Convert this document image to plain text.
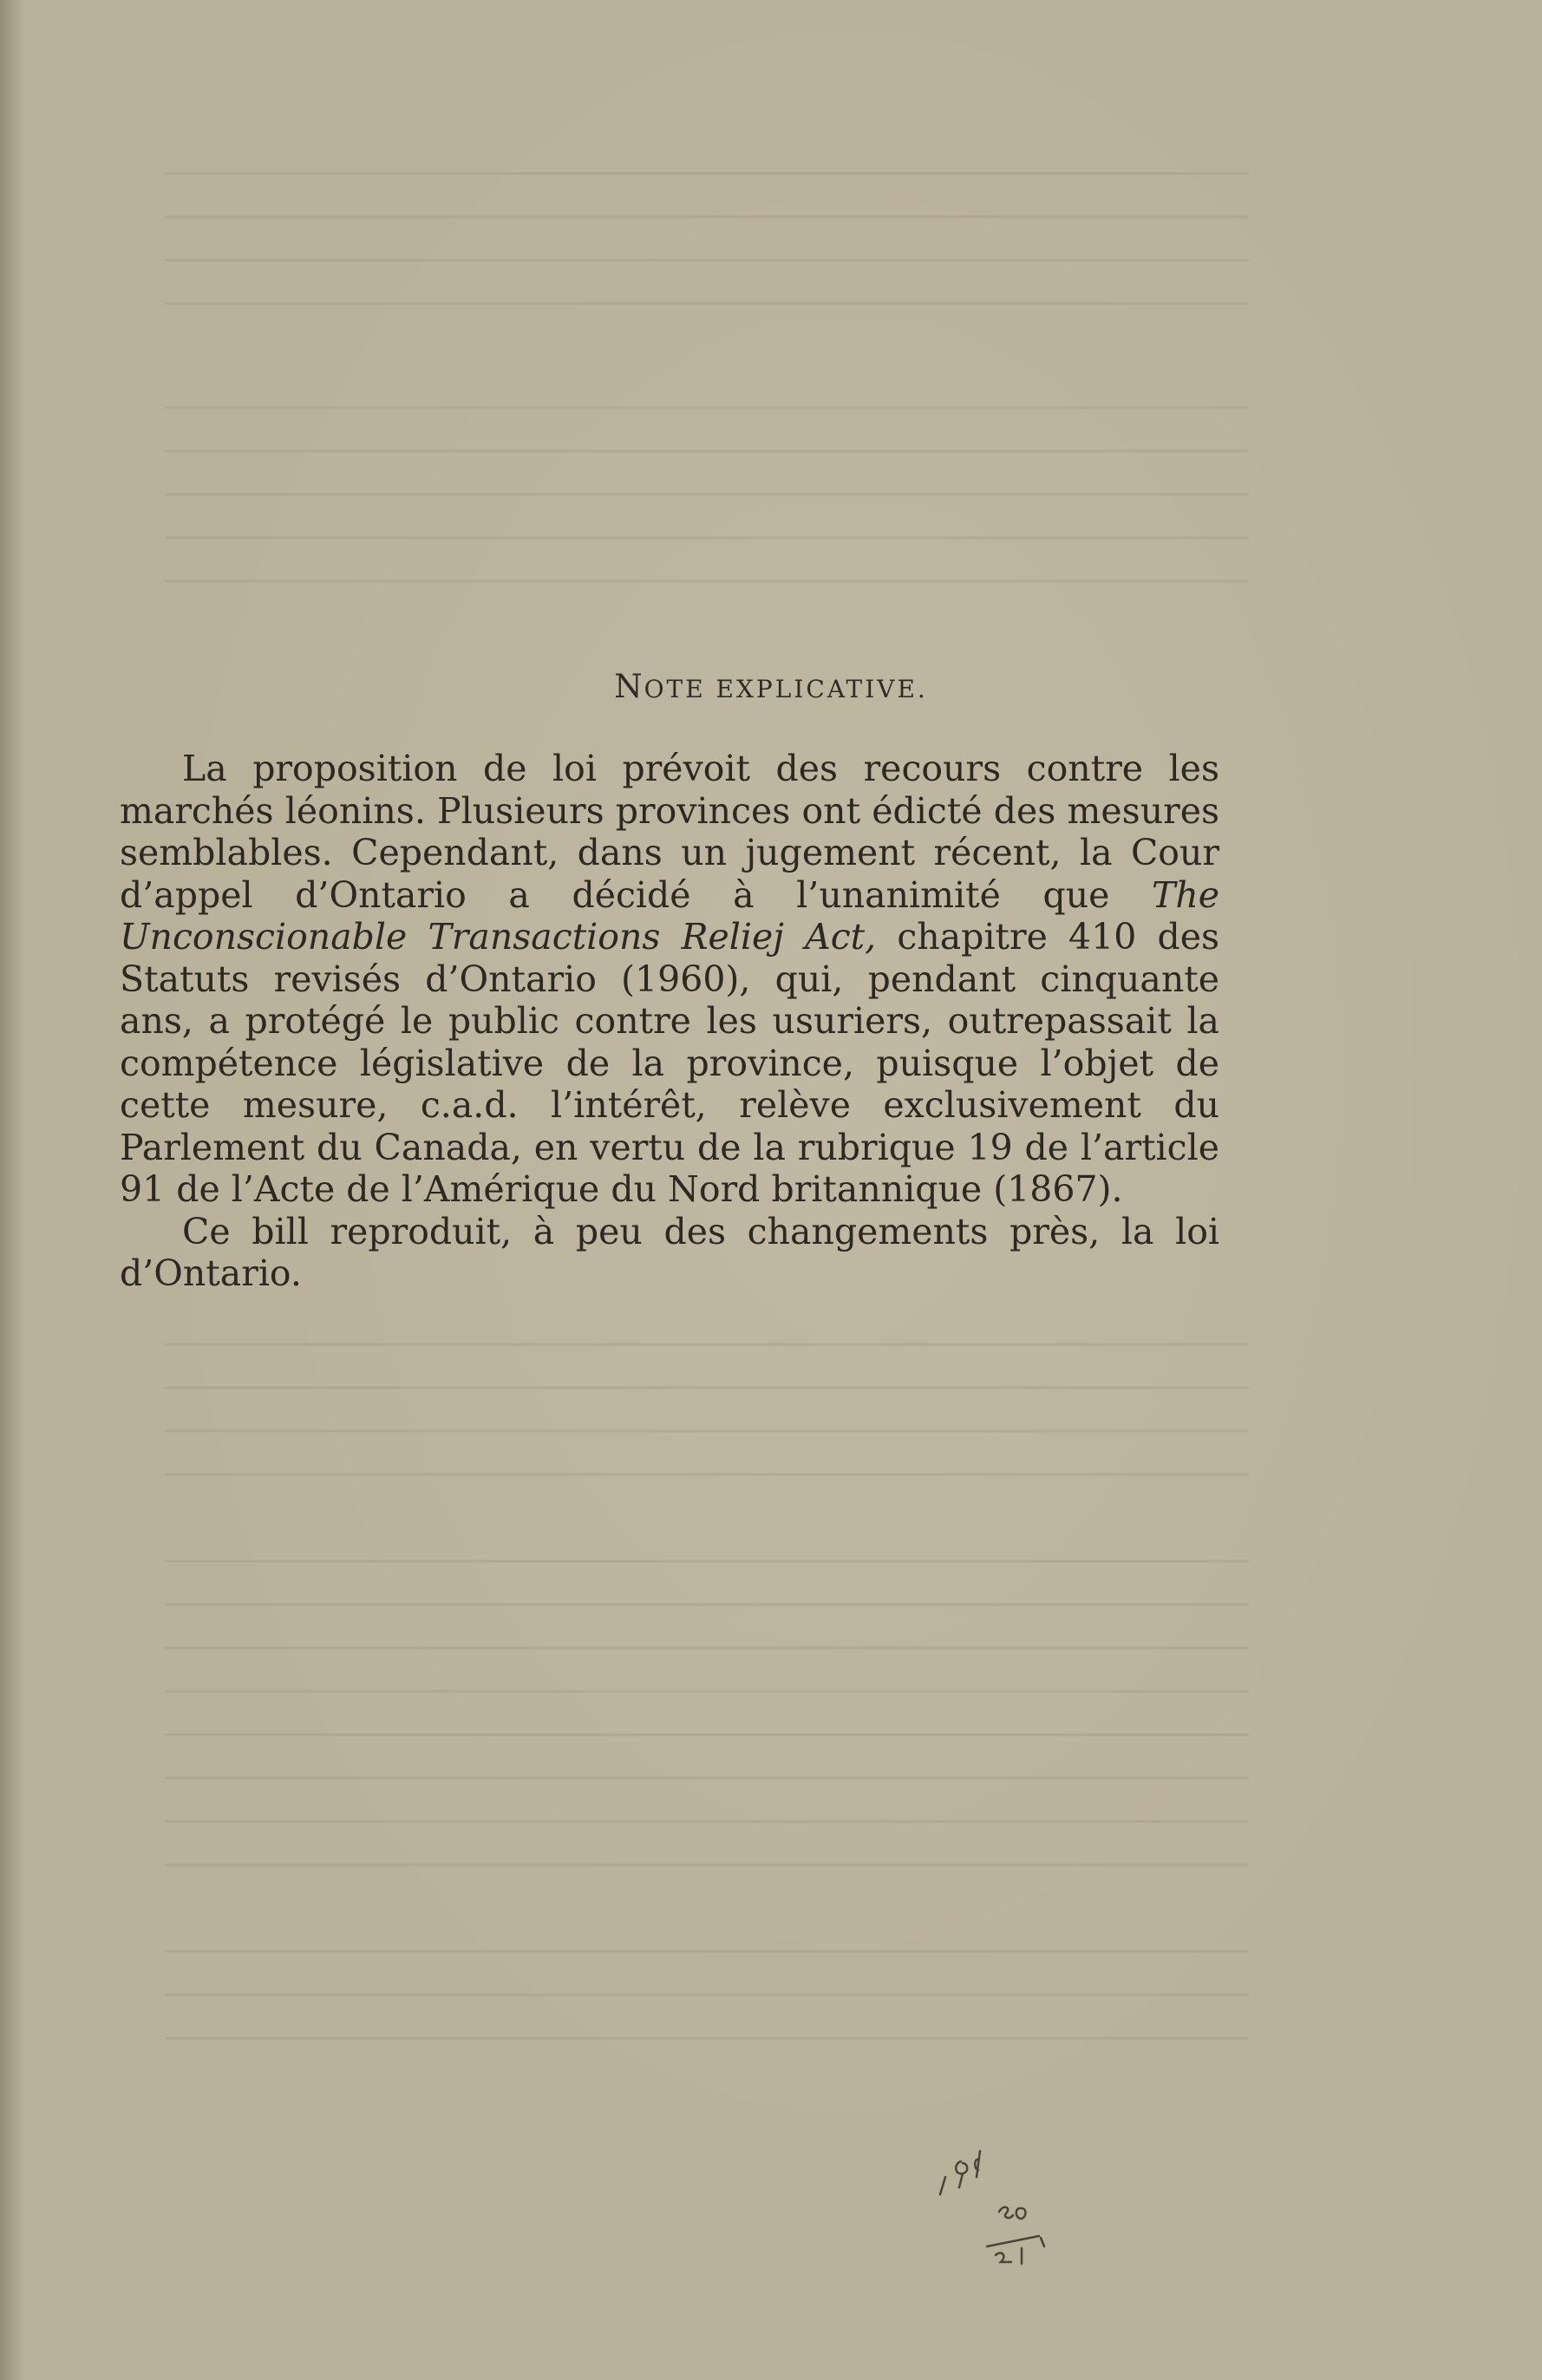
NOTE EXPLICATIVE.

La proposition de loi prévoit des recours contre les marchés léonins. Plusieurs provinces ont édicté des mesures semblables. Cependant, dans un jugement récent, la Cour d’appel d’Ontario a décidé à l’unanimité que The Unconscionable Transactions Reliej Act, chapitre 410 des Statuts revisés d’Ontario (1960), qui, pendant cinquante ans, a protégé le public contre les usuriers, outrepassait la compétence législative de la province, puisque l’objet de cette mesure, c.a.d. l’intérêt, relève exclusivement du Parlement du Canada, en vertu de la rubrique 19 de l’article 91 de l’Acte de l’Amérique du Nord britannique (1867).

Ce bill reproduit, à peu des changements près, la loi d’Ontario.
